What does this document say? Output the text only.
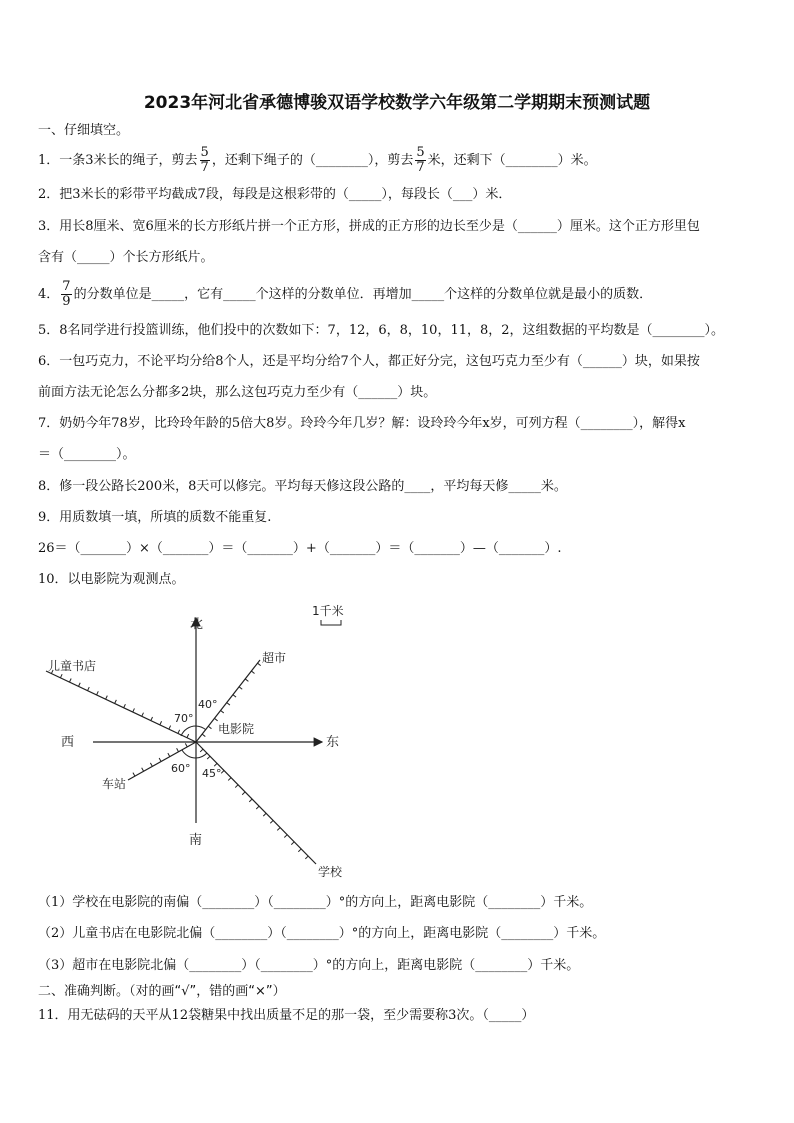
2023年河北省承德博骏双语学校数学六年级第二学期期末预测试题
一、仔细填空。
1．一条3米长的绳子，剪去 $\frac{5}{7}$ ，还剩下绳子的（________），剪去 $\frac{5}{7}$ 米，还剩下（________）米。
2．把3米长的彩带平均截成7段，每段是这根彩带的（_____），每段长（___）米．
3．用长8厘米、宽6厘米的长方形纸片拼一个正方形，拼成的正方形的边长至少是（______）厘米。这个正方形里包
含有（_____）个长方形纸片。
4． $\frac{7}{9}$ 的分数单位是_____，它有_____个这样的分数单位．再增加_____个这样的分数单位就是最小的质数．
5．8名同学进行投篮训练，他们投中的次数如下：7，12，6，8，10，11，8，2，这组数据的平均数是（________）。
6．一包巧克力，不论平均分给8个人，还是平均分给7个人，都正好分完，这包巧克力至少有（______）块，如果按
前面方法无论怎么分都多2块，那么这包巧克力至少有（______）块。
7．奶奶今年78岁，比玲玲年龄的5倍大8岁。玲玲今年几岁？解：设玲玲今年x岁，可列方程（________），解得x
＝（________）。
8．修一段公路长200米，8天可以修完。平均每天修这段公路的____，平均每天修_____米。
9．用质数填一填，所填的质数不能重复.
26＝（_______）×（_______）＝（_______）+（_______）＝（_______）—（_______）.
10．以电影院为观测点。
北
南
东
西
电影院
超市
儿童书店
车站
学校
40°
70°
60° 45°
1千米
（1）学校在电影院的南偏（________）（________）°的方向上，距离电影院（________）千米。
（2）儿童书店在电影院北偏（________）（________）°的方向上，距离电影院（________）千米。
（3）超市在电影院北偏（________）（________）°的方向上，距离电影院（________）千米。
二、准确判断。（对的画“√”，错的画“×”）
11．用无砝码的天平从12袋糖果中找出质量不足的那一袋，至少需要称3次。（_____）
